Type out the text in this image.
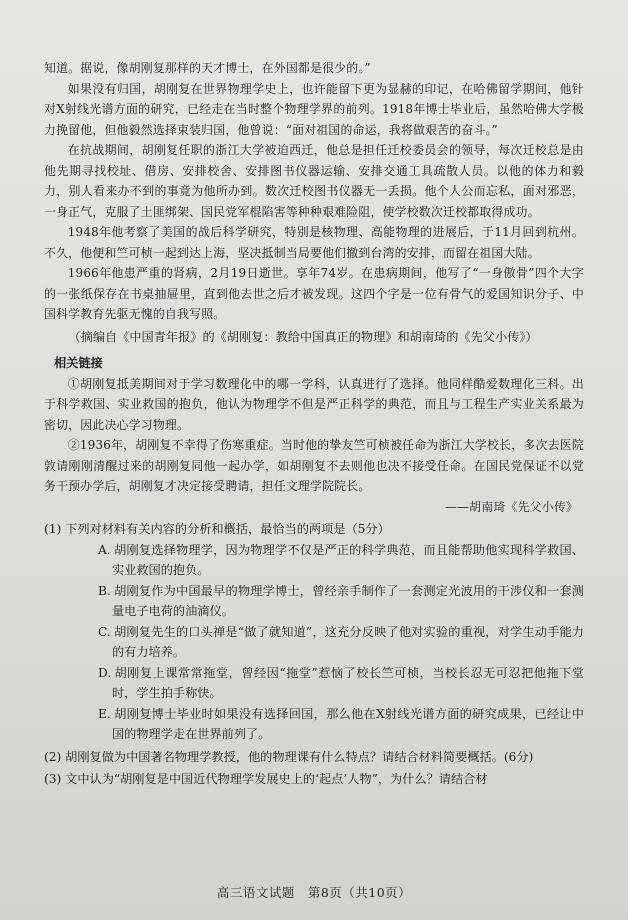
知道。据说，像胡刚复那样的天才博士，在外国都是很少的。”

如果没有归国，胡刚复在世界物理学史上，也许能留下更为显赫的印记，在哈佛留学期间，他针对X射线光谱方面的研究，已经走在当时整个物理学界的前列。1918年博士毕业后，虽然哈佛大学极力挽留他，但他毅然选择束装归国，他曾说：“面对祖国的命运，我将做艰苦的奋斗。”

在抗战期间，胡刚复任职的浙江大学被迫西迁，他总是担任迁校委员会的领导，每次迁校总是由他先期寻找校址、借房、安排校舍、安排图书仪器运输、安排交通工具疏散人员。以他的体力和毅力，别人看来办不到的事竟为他所办到。数次迁校图书仪器无一丢损。他个人公而忘私，面对邪恶，一身正气，克服了土匪绑架、国民党军棍陷害等种种艰难险阻，使学校数次迁校都取得成功。

1948年他考察了美国的战后科学研究，特别是核物理、高能物理的进展后，于11月回到杭州。不久，他便和竺可桢一起到达上海，坚决抵制当局要他们撤到台湾的安排，而留在祖国大陆。

1966年他患严重的肾病，2月19日逝世。享年74岁。在患病期间，他写了“一身傲骨”四个大字的一张纸保存在书桌抽屉里，直到他去世之后才被发现。这四个字是一位有骨气的爱国知识分子、中国科学教育先驱无愧的自我写照。

（摘编自《中国青年报》的《胡刚复：教给中国真正的物理》和胡南琦的《先父小传》）

相关链接

①胡刚复抵美期间对于学习数理化中的哪一学科，认真进行了选择。他同样酷爱数理化三科。出于科学救国、实业救国的抱负，他认为物理学不但是严正科学的典范，而且与工程生产实业关系最为密切，因此决心学习物理。

②1936年，胡刚复不幸得了伤寒重症。当时他的挚友竺可桢被任命为浙江大学校长，多次去医院敦请刚刚清醒过来的胡刚复同他一起办学，如胡刚复不去则他也决不接受任命。在国民党保证不以党务干预办学后，胡刚复才决定接受聘请，担任文理学院院长。

——胡南琦《先父小传》

(1) 下列对材料有关内容的分析和概括，最恰当的两项是（5分）

A. 胡刚复选择物理学，因为物理学不仅是严正的科学典范，而且能帮助他实现科学救国、实业救国的抱负。

B. 胡刚复作为中国最早的物理学博士，曾经亲手制作了一套测定光波用的干涉仪和一套测量电子电荷的油滴仪。

C. 胡刚复先生的口头禅是“做了就知道”，这充分反映了他对实验的重视，对学生动手能力的有力培养。

D. 胡刚复上课常常拖堂，曾经因“拖堂”惹恼了校长竺可桢，当校长忍无可忍把他拖下堂时，学生拍手称快。

E. 胡刚复博士毕业时如果没有选择回国，那么他在X射线光谱方面的研究成果，已经让中国的物理学走在世界前列了。

(2) 胡刚复做为中国著名物理学教授，他的物理课有什么特点？请结合材料简要概括。(6分)

(3) 文中认为“胡刚复是中国近代物理学发展史上的‘起点’人物”，为什么？请结合材

高三语文试题　第8页（共10页）
